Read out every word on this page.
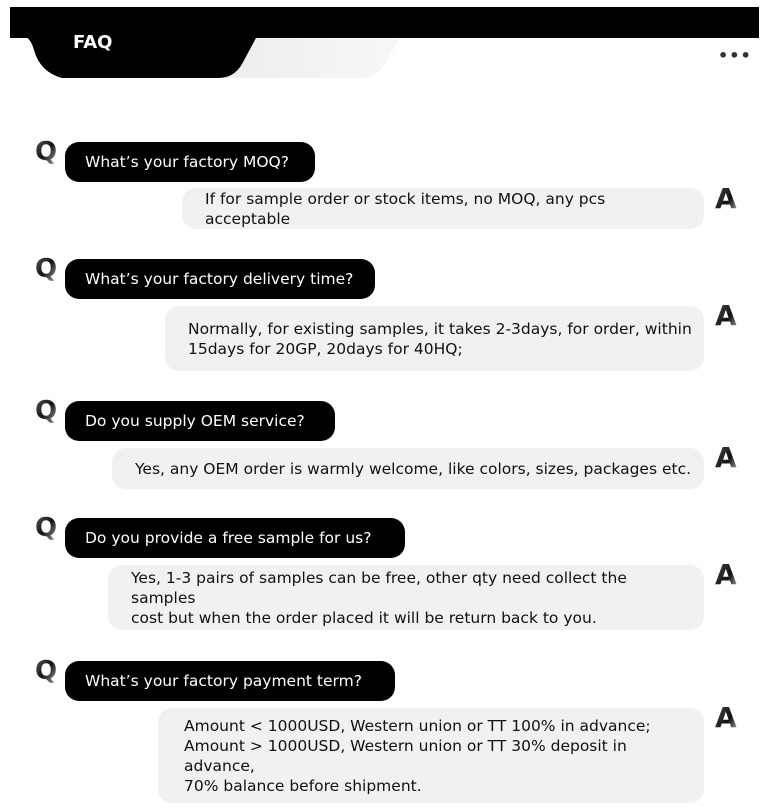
FAQ
•••
Q	What’s your factory MOQ?
If for sample order or stock items, no MOQ, any pcs acceptable
A
Q	What’s your factory delivery time?
Normally, for existing samples, it takes 2-3days, for order, within
15days for 20GP, 20days for 40HQ;
A
Q	Do you supply OEM service?
Yes, any OEM order is warmly welcome, like colors, sizes, packages etc. A
Q	Do you provide a free sample for us?
Yes, 1-3 pairs of samples can be free, other qty need collect the samples
cost but when the order placed it will be return back to you.
A
Q	What’s your factory payment term?
Amount < 1000USD, Western union or TT 100% in advance;
Amount > 1000USD, Western union or TT 30% deposit in advance,
70% balance before shipment.
A
